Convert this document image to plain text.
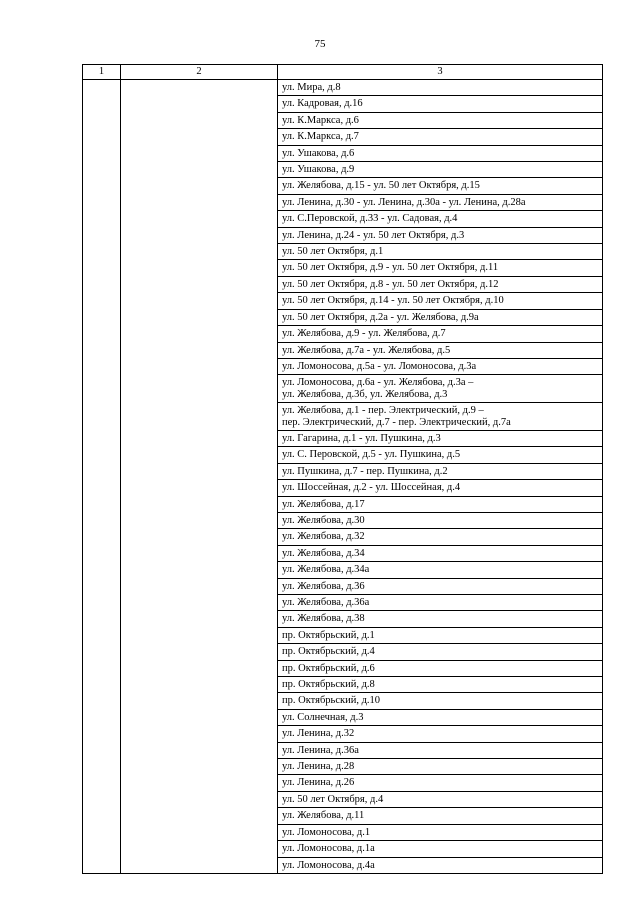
75
1	2	3
		ул. Мира, д.8
		ул. Кадровая, д.16
		ул. К.Маркса, д.6
		ул. К.Маркса, д.7
		ул. Ушакова, д.6
		ул. Ушакова, д.9
		ул. Желябова, д.15 - ул. 50 лет Октября, д.15
		ул. Ленина, д.30 - ул. Ленина, д.30а - ул. Ленина, д.28а
		ул. С.Перовской, д.33 - ул. Садовая, д.4
		ул. Ленина, д.24 - ул. 50 лет Октября, д.3
		ул. 50 лет Октября, д.1
		ул. 50 лет Октября, д.9 - ул. 50 лет Октября, д.11
		ул. 50 лет Октября, д.8 - ул. 50 лет Октября, д.12
		ул. 50 лет Октября, д.14 - ул. 50 лет Октября, д.10
		ул. 50 лет Октября, д.2а - ул. Желябова, д.9а
		ул. Желябова, д.9 - ул. Желябова, д.7
		ул. Желябова, д.7а - ул. Желябова, д.5
		ул. Ломоносова, д.5а - ул. Ломоносова, д.3а
		ул. Ломоносова, д.6а - ул. Желябова, д.3а –
ул. Желябова, д.3б, ул. Желябова, д.3
		ул. Желябова, д.1 - пер. Электрический, д.9 –
пер. Электрический, д.7 - пер. Электрический, д.7а
		ул. Гагарина, д.1 - ул. Пушкина, д.3
		ул. С. Перовской, д.5 - ул. Пушкина, д.5
		ул. Пушкина, д.7 - пер. Пушкина, д.2
		ул. Шоссейная, д.2 - ул. Шоссейная, д.4
		ул. Желябова, д.17
		ул. Желябова, д.30
		ул. Желябова, д.32
		ул. Желябова, д.34
		ул. Желябова, д.34а
		ул. Желябова, д.36
		ул. Желябова, д.36а
		ул. Желябова, д.38
		пр. Октябрьский, д.1
		пр. Октябрьский, д.4
		пр. Октябрьский, д.6
		пр. Октябрьский, д.8
		пр. Октябрьский, д.10
		ул. Солнечная, д.3
		ул. Ленина, д.32
		ул. Ленина, д.36а
		ул. Ленина, д.28
		ул. Ленина, д.26
		ул. 50 лет Октября, д.4
		ул. Желябова, д.11
		ул. Ломоносова, д.1
		ул. Ломоносова, д.1а
		ул. Ломоносова, д.4а
